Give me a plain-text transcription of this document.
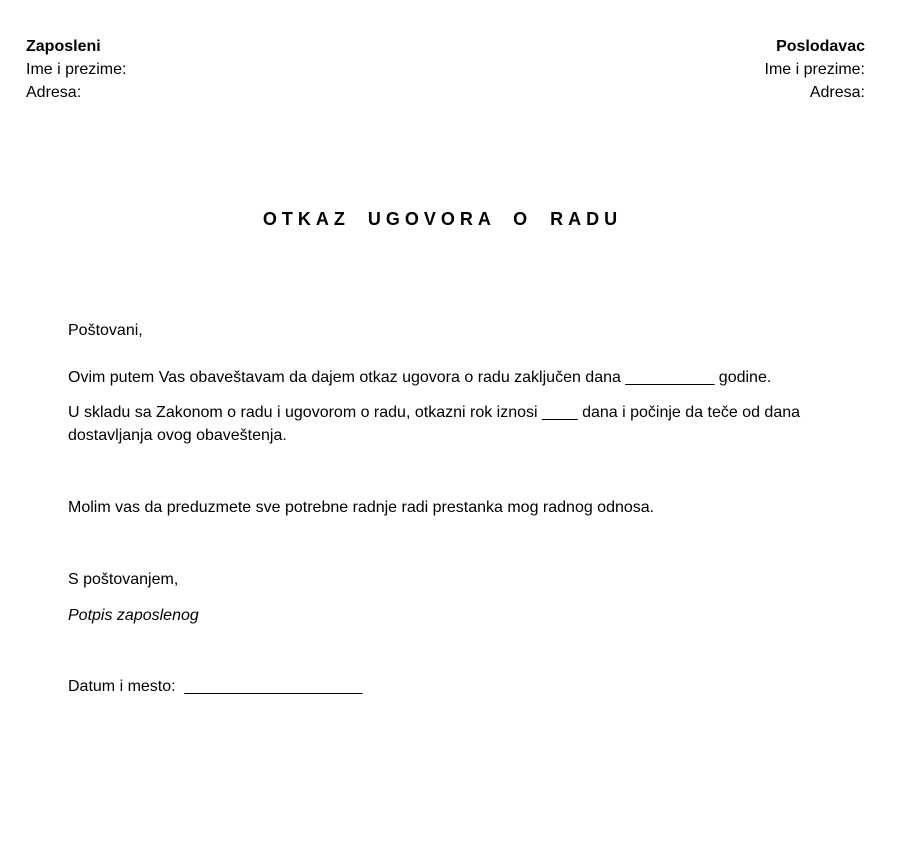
Zaposleni
Ime i prezime:
Adresa:
Poslodavac
Ime i prezime:
Adresa:
OTKAZ UGOVORA O RADU

Poštovani,

Ovim putem Vas obaveštavam da dajem otkaz ugovora o radu zaključen dana __________ godine.

U skladu sa Zakonom o radu i ugovorom o radu, otkazni rok iznosi ____ dana i počinje da teče od dana dostavljanja ovog obaveštenja.

Molim vas da preduzmete sve potrebne radnje radi prestanka mog radnog odnosa.

S poštovanjem,

Potpis zaposlenog

Datum i mesto: ____________________
